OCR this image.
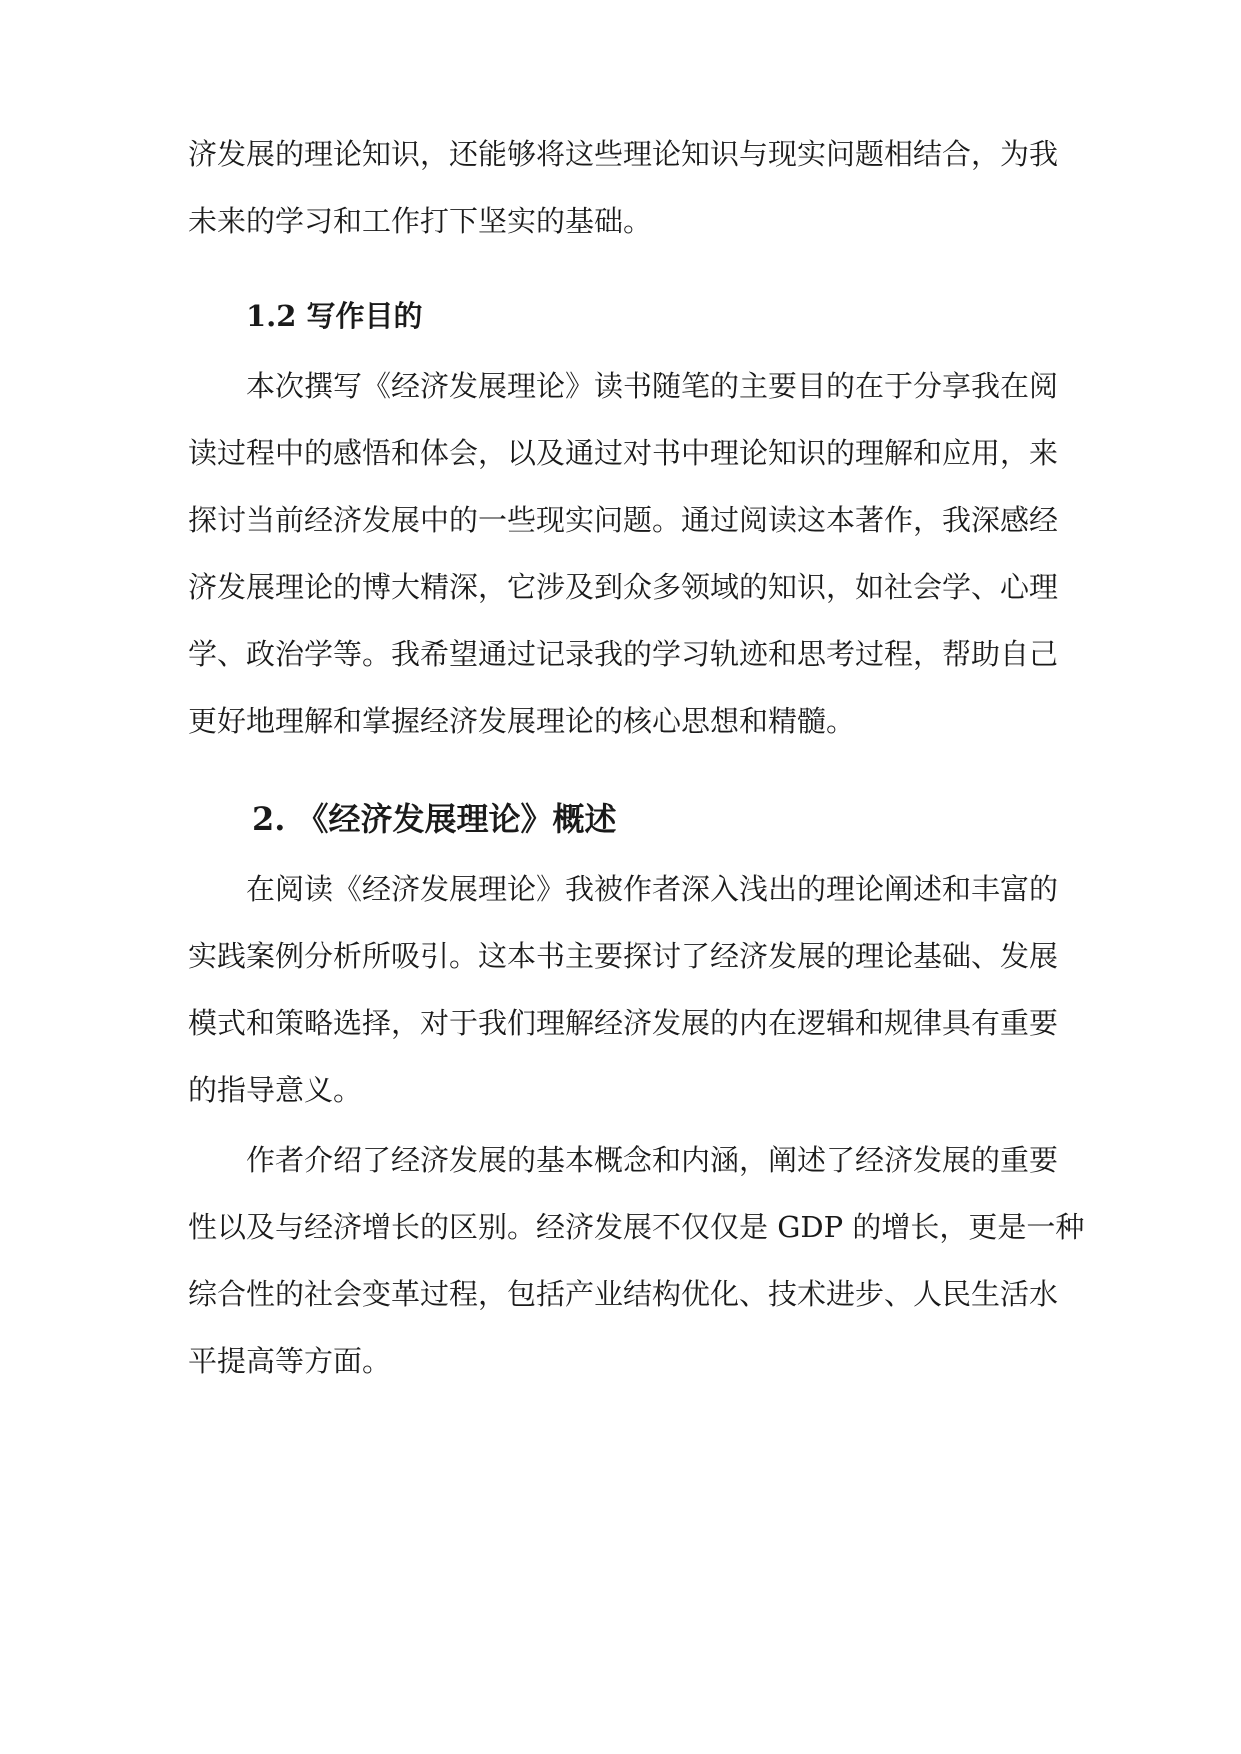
济发展的理论知识，还能够将这些理论知识与现实问题相结合，为我
未来的学习和工作打下坚实的基础。
1.2 写作目的
本次撰写《经济发展理论》读书随笔的主要目的在于分享我在阅
读过程中的感悟和体会，以及通过对书中理论知识的理解和应用，来
探讨当前经济发展中的一些现实问题。通过阅读这本著作，我深感经
济发展理论的博大精深，它涉及到众多领域的知识，如社会学、心理
学、政治学等。我希望通过记录我的学习轨迹和思考过程，帮助自己
更好地理解和掌握经济发展理论的核心思想和精髓。
2. 《经济发展理论》概述
在阅读《经济发展理论》我被作者深入浅出的理论阐述和丰富的
实践案例分析所吸引。这本书主要探讨了经济发展的理论基础、发展
模式和策略选择，对于我们理解经济发展的内在逻辑和规律具有重要
的指导意义。
作者介绍了经济发展的基本概念和内涵，阐述了经济发展的重要
性以及与经济增长的区别。经济发展不仅仅是 GDP 的增长，更是一种
综合性的社会变革过程，包括产业结构优化、技术进步、人民生活水
平提高等方面。
